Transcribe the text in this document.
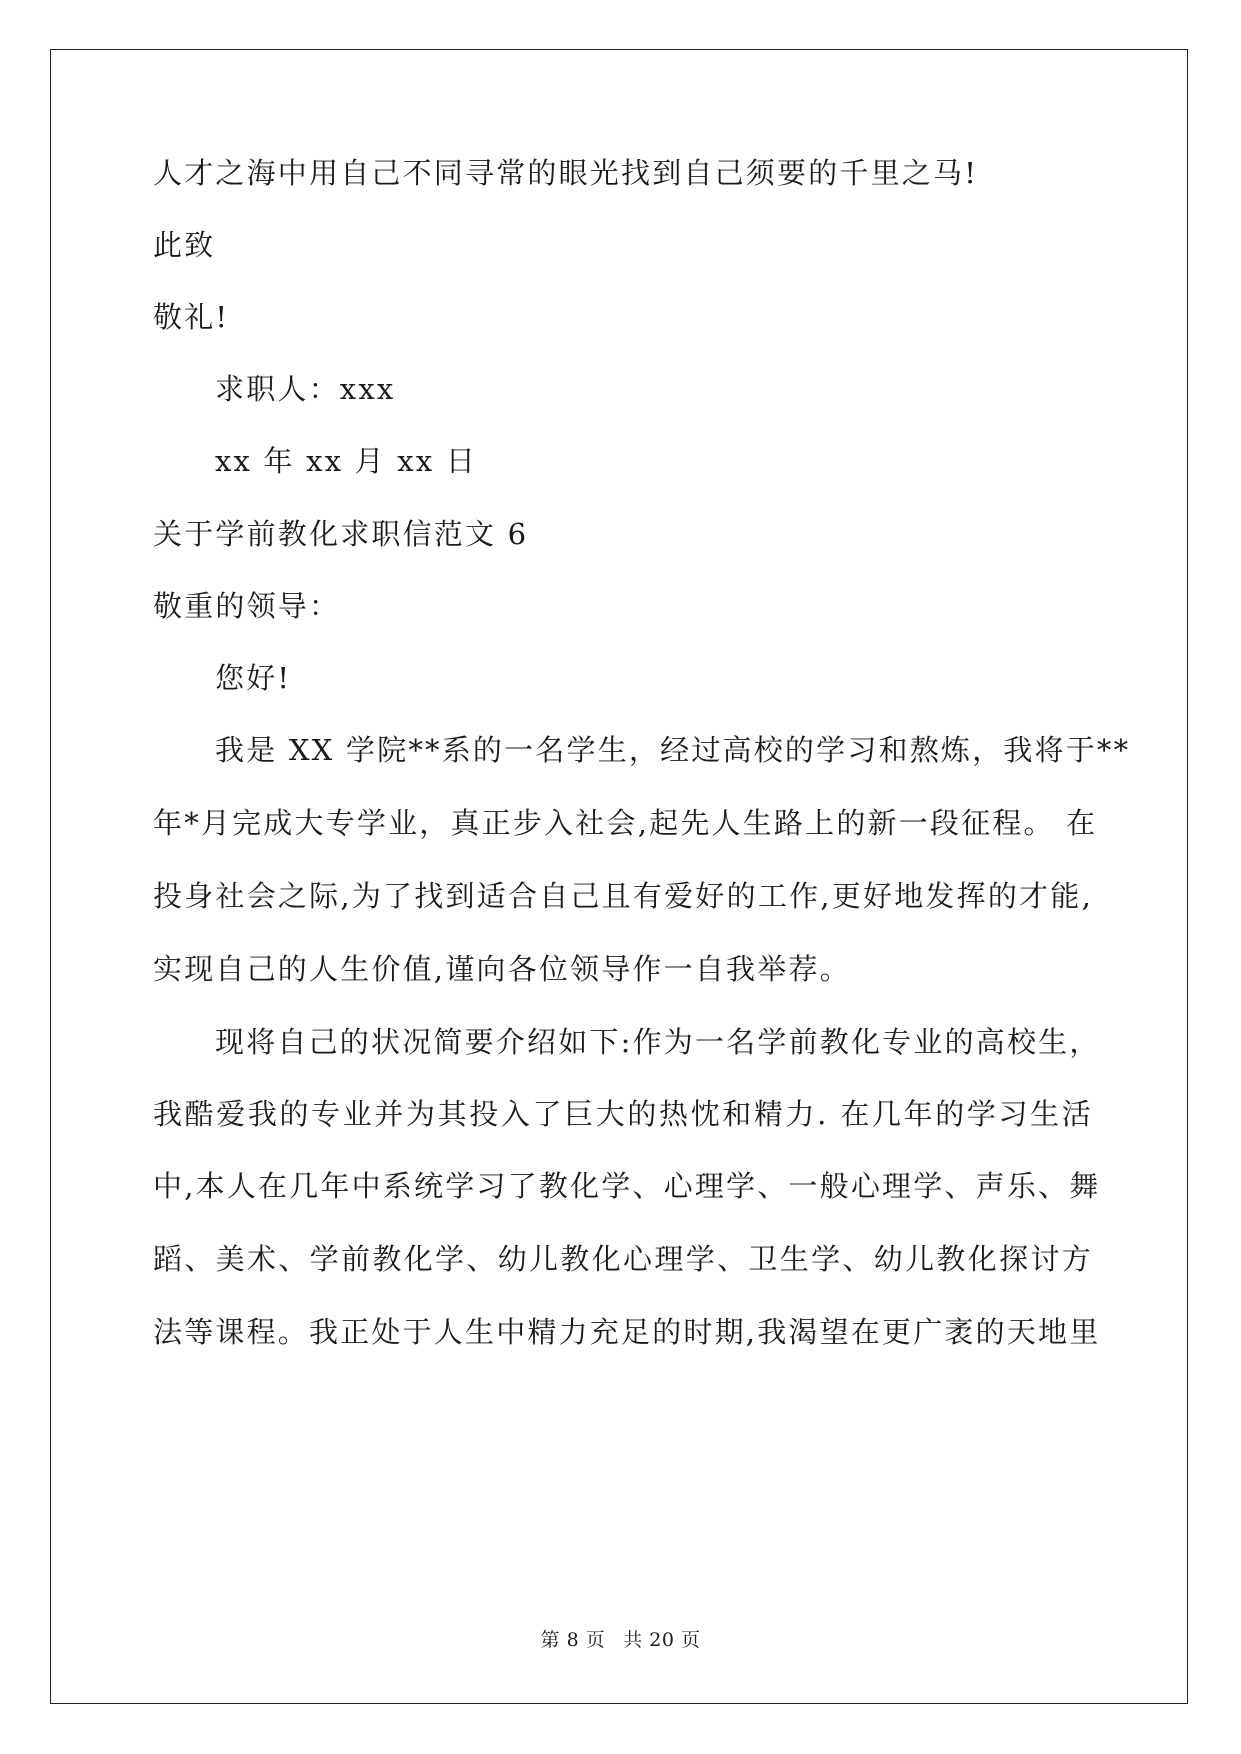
人才之海中用自己不同寻常的眼光找到自己须要的千里之马!
此致
敬礼!
求职人：xxx
xx 年 xx 月 xx 日
关于学前教化求职信范文 6
敬重的领导：
您好!
我是 XX 学院**系的一名学生，经过高校的学习和熬炼，我将于**
年*月完成大专学业，真正步入社会,起先人生路上的新一段征程。 在
投身社会之际,为了找到适合自己且有爱好的工作,更好地发挥的才能,
实现自己的人生价值,谨向各位领导作一自我举荐。
现将自己的状况简要介绍如下:作为一名学前教化专业的高校生，
我酷爱我的专业并为其投入了巨大的热忱和精力. 在几年的学习生活
中,本人在几年中系统学习了教化学、心理学、一般心理学、声乐、舞
蹈、美术、学前教化学、幼儿教化心理学、卫生学、幼儿教化探讨方
法等课程。我正处于人生中精力充足的时期,我渴望在更广袤的天地里
第 8 页 共 20 页
